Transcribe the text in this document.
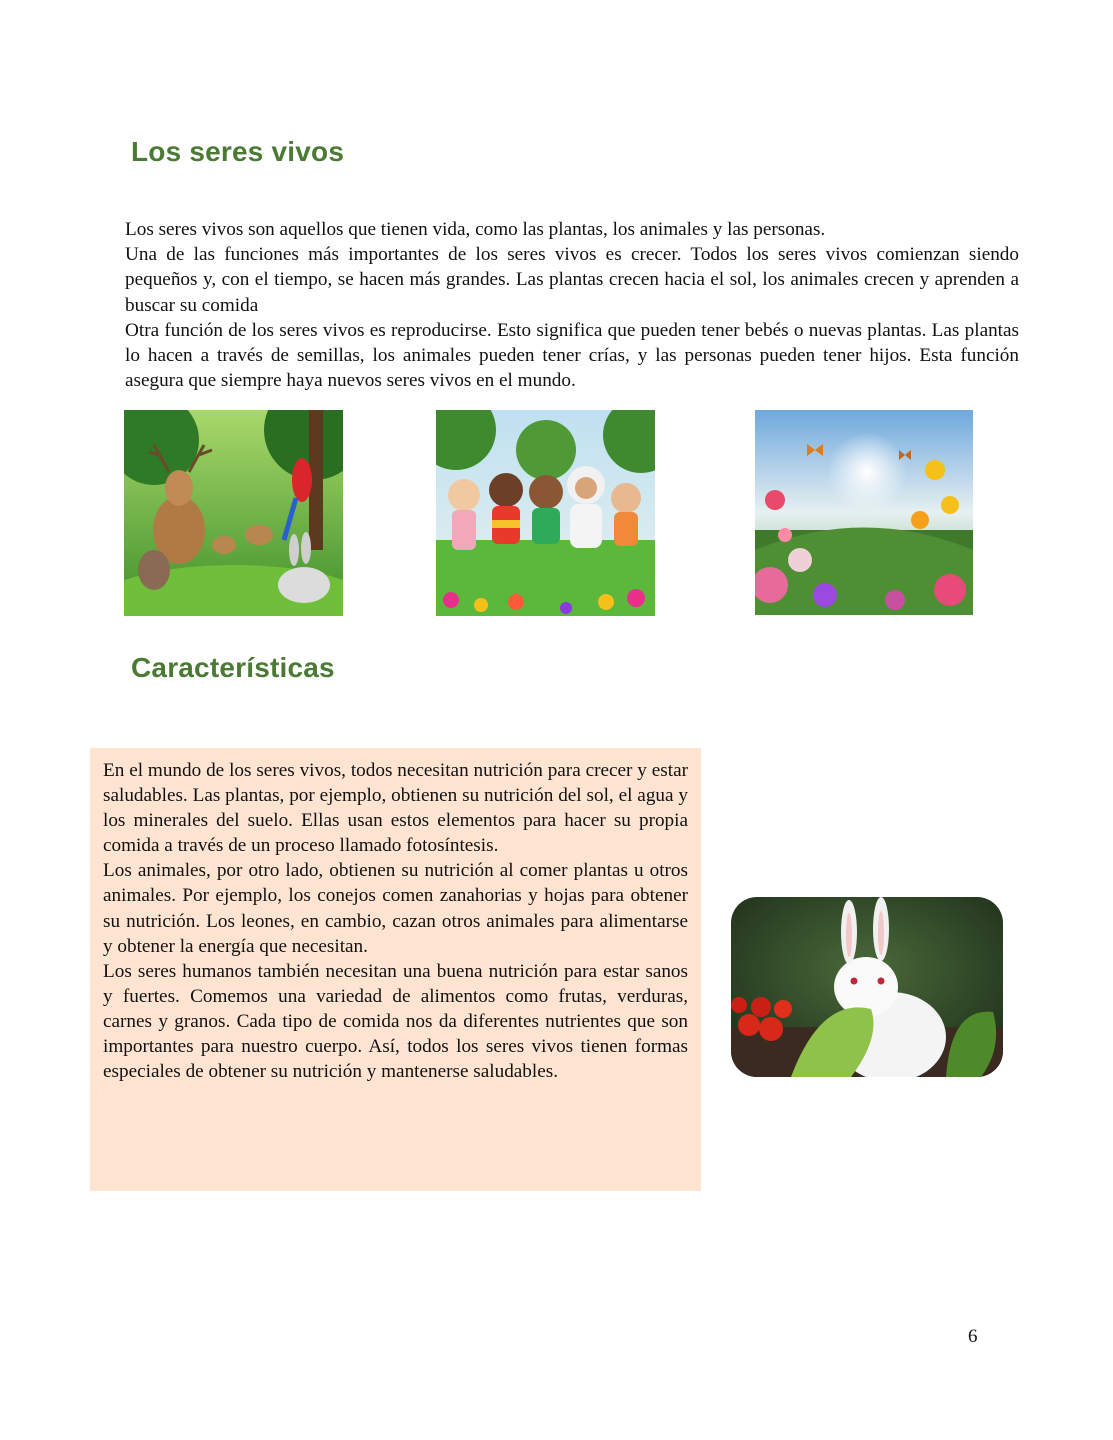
Los seres vivos

Los seres vivos son aquellos que tienen vida, como las plantas, los animales y las personas.

Una de las funciones más importantes de los seres vivos es crecer. Todos los seres vivos comienzan siendo pequeños y, con el tiempo, se hacen más grandes. Las plantas crecen hacia el sol, los animales crecen y aprenden a buscar su comida

Otra función de los seres vivos es reproducirse. Esto significa que pueden tener bebés o nuevas plantas. Las plantas lo hacen a través de semillas, los animales pueden tener crías, y las personas pueden tener hijos. Esta función asegura que siempre haya nuevos seres vivos en el mundo.

Características

En el mundo de los seres vivos, todos necesitan nutrición para crecer y estar saludables. Las plantas, por ejemplo, obtienen su nutrición del sol, el agua y los minerales del suelo. Ellas usan estos elementos para hacer su propia comida a través de un proceso llamado fotosíntesis.

Los animales, por otro lado, obtienen su nutrición al comer plantas u otros animales. Por ejemplo, los conejos comen zanahorias y hojas para obtener su nutrición. Los leones, en cambio, cazan otros animales para alimentarse y obtener la energía que necesitan.

Los seres humanos también necesitan una buena nutrición para estar sanos y fuertes. Comemos una variedad de alimentos como frutas, verduras, carnes y granos. Cada tipo de comida nos da diferentes nutrientes que son importantes para nuestro cuerpo. Así, todos los seres vivos tienen formas especiales de obtener su nutrición y mantenerse saludables.

6
